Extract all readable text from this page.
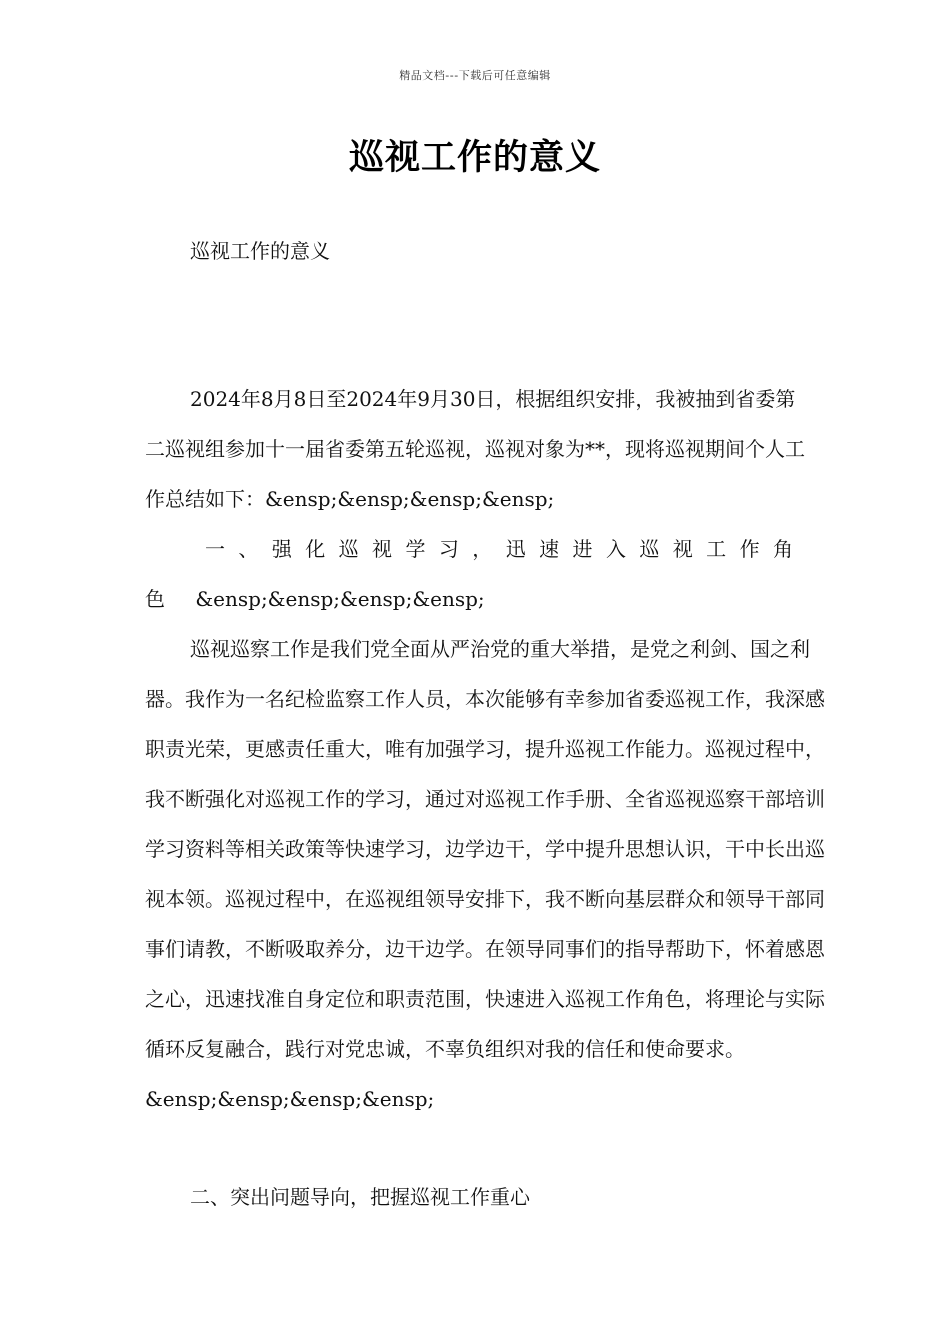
精品文档---下载后可任意编辑
巡视工作的意义

巡视工作的意义

2024年8月8日至2024年9月30日，根据组织安排，我被抽到省委第二巡视组参加十一届省委第五轮巡视，巡视对象为**，现将巡视期间个人工作总结如下：&ensp;&ensp;&ensp;&ensp;

一、强化巡视学习，迅速进入巡视工作角色 &ensp;&ensp;&ensp;&ensp;

巡视巡察工作是我们党全面从严治党的重大举措，是党之利剑、国之利器。我作为一名纪检监察工作人员，本次能够有幸参加省委巡视工作，我深感职责光荣，更感责任重大，唯有加强学习，提升巡视工作能力。巡视过程中，我不断强化对巡视工作的学习，通过对巡视工作手册、全省巡视巡察干部培训学习资料等相关政策等快速学习，边学边干，学中提升思想认识，干中长出巡视本领。巡视过程中，在巡视组领导安排下，我不断向基层群众和领导干部同事们请教，不断吸取养分，边干边学。在领导同事们的指导帮助下，怀着感恩之心，迅速找准自身定位和职责范围，快速进入巡视工作角色，将理论与实际循环反复融合，践行对党忠诚，不辜负组织对我的信任和使命要求。&ensp;&ensp;&ensp;&ensp;

二、突出问题导向，把握巡视工作重心
